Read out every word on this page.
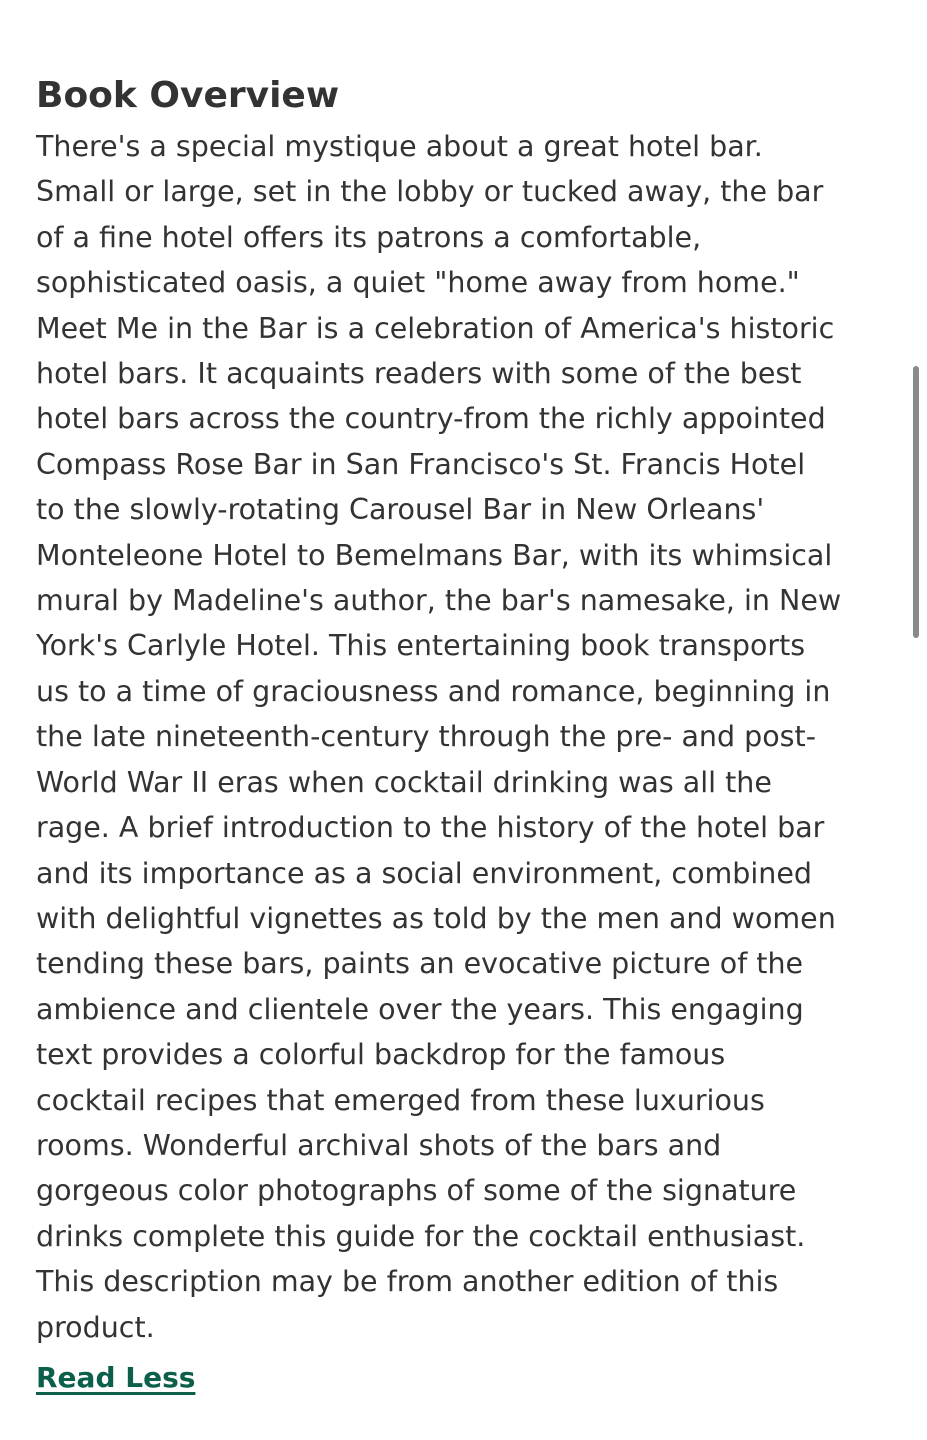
Book Overview

There's a special mystique about a great hotel bar.
Small or large, set in the lobby or tucked away, the bar
of a fine hotel offers its patrons a comfortable,
sophisticated oasis, a quiet "home away from home."
Meet Me in the Bar is a celebration of America's historic
hotel bars. It acquaints readers with some of the best
hotel bars across the country-from the richly appointed
Compass Rose Bar in San Francisco's St. Francis Hotel
to the slowly-rotating Carousel Bar in New Orleans'
Monteleone Hotel to Bemelmans Bar, with its whimsical
mural by Madeline's author, the bar's namesake, in New
York's Carlyle Hotel. This entertaining book transports
us to a time of graciousness and romance, beginning in
the late nineteenth-century through the pre- and post-
World War II eras when cocktail drinking was all the
rage. A brief introduction to the history of the hotel bar
and its importance as a social environment, combined
with delightful vignettes as told by the men and women
tending these bars, paints an evocative picture of the
ambience and clientele over the years. This engaging
text provides a colorful backdrop for the famous
cocktail recipes that emerged from these luxurious
rooms. Wonderful archival shots of the bars and
gorgeous color photographs of some of the signature
drinks complete this guide for the cocktail enthusiast.
This description may be from another edition of this
product.

Read Less
